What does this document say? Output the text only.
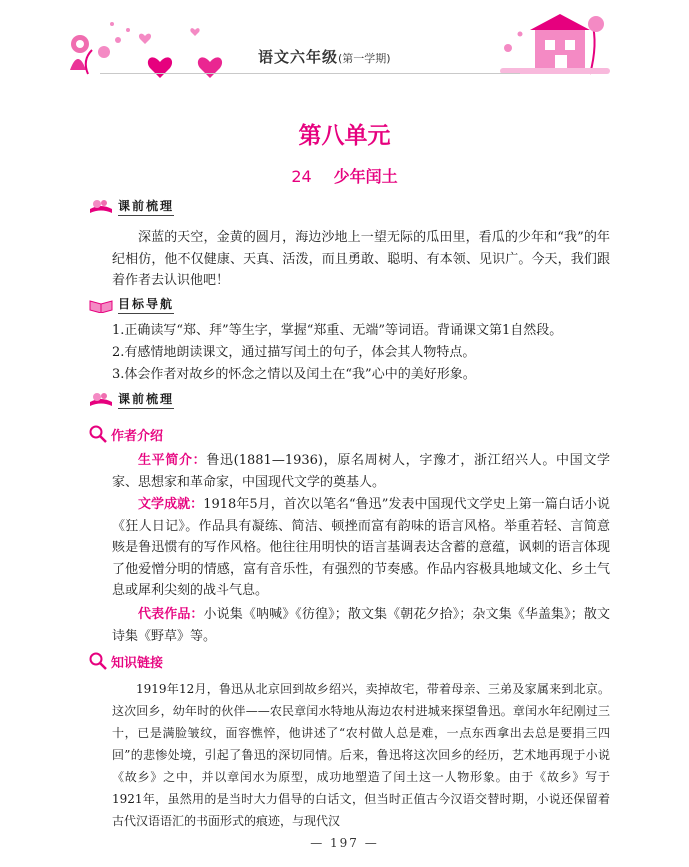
语文六年级(第一学期)
第八单元
24 少年闰土
课前梳理

深蓝的天空，金黄的圆月，海边沙地上一望无际的瓜田里，看瓜的少年和“我”的年纪相仿，他不仅健康、天真、活泼，而且勇敢、聪明、有本领、见识广。今天，我们跟着作者去认识他吧！

目标导航
1.正确读写“郑、拜”等生字，掌握“郑重、无端”等词语。背诵课文第1自然段。
2.有感情地朗读课文，通过描写闰土的句子，体会其人物特点。
3.体会作者对故乡的怀念之情以及闰土在“我”心中的美好形象。
课前梳理
作者介绍

生平简介：鲁迅(1881—1936)，原名周树人，字豫才，浙江绍兴人。中国文学家、思想家和革命家，中国现代文学的奠基人。

文学成就：1918年5月，首次以笔名“鲁迅”发表中国现代文学史上第一篇白话小说《狂人日记》。作品具有凝练、简洁、顿挫而富有韵味的语言风格。举重若轻、言简意赅是鲁迅惯有的写作风格。他往往用明快的语言基调表达含蓄的意蕴，讽刺的语言体现了他爱憎分明的情感，富有音乐性，有强烈的节奏感。作品内容极具地域文化、乡土气息或犀利尖刻的战斗气息。

代表作品：小说集《呐喊》《彷徨》；散文集《朝花夕拾》；杂文集《华盖集》；散文诗集《野草》等。

知识链接

1919年12月，鲁迅从北京回到故乡绍兴，卖掉故宅，带着母亲、三弟及家属来到北京。这次回乡，幼年时的伙伴——农民章闰水特地从海边农村进城来探望鲁迅。章闰水年纪刚过三十，已是满脸皱纹，面容憔悴，他讲述了“农村做人总是难，一点东西拿出去总是要捐三四回”的悲惨处境，引起了鲁迅的深切同情。后来，鲁迅将这次回乡的经历，艺术地再现于小说《故乡》之中，并以章闰水为原型，成功地塑造了闰土这一人物形象。由于《故乡》写于1921年，虽然用的是当时大力倡导的白话文，但当时正值古今汉语交替时期，小说还保留着古代汉语语汇的书面形式的痕迹，与现代汉

— 197 —
